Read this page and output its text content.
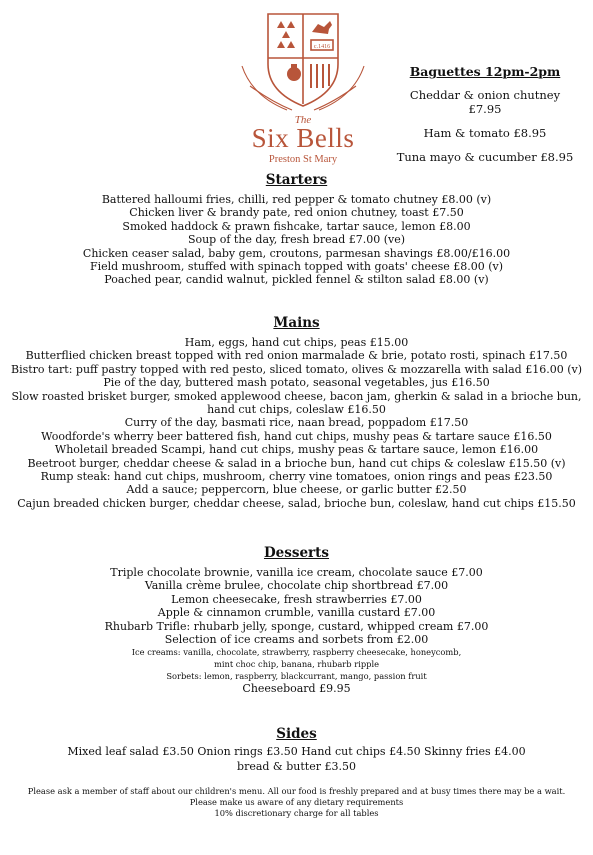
c.1416
The
Six Bells
Preston St Mary
Baguettes 12pm-2pm
Cheddar & onion chutney £7.95
Ham & tomato £8.95
Tuna mayo & cucumber £8.95
Starters
Battered halloumi fries, chilli, red pepper & tomato chutney £8.00 (v)
Chicken liver & brandy pate, red onion chutney, toast £7.50
Smoked haddock & prawn fishcake, tartar sauce, lemon £8.00
Soup of the day, fresh bread £7.00 (ve)
Chicken ceaser salad, baby gem, croutons, parmesan shavings £8.00/£16.00
Field mushroom, stuffed with spinach topped with goats' cheese £8.00 (v)
Poached pear, candid walnut, pickled fennel & stilton salad £8.00 (v)
Mains
Ham, eggs, hand cut chips, peas £15.00
Butterflied chicken breast topped with red onion marmalade & brie, potato rosti, spinach £17.50
Bistro tart: puff pastry topped with red pesto, sliced tomato, olives & mozzarella with salad £16.00 (v)
Pie of the day, buttered mash potato, seasonal vegetables, jus £16.50
Slow roasted brisket burger, smoked applewood cheese, bacon jam, gherkin & salad in a brioche bun,
hand cut chips, coleslaw £16.50
Curry of the day, basmati rice, naan bread, poppadom £17.50
Woodforde's wherry beer battered fish, hand cut chips, mushy peas & tartare sauce £16.50
Wholetail breaded Scampi, hand cut chips, mushy peas & tartare sauce, lemon £16.00
Beetroot burger, cheddar cheese & salad in a brioche bun, hand cut chips & coleslaw £15.50 (v)
Rump steak: hand cut chips, mushroom, cherry vine tomatoes, onion rings and peas £23.50
Add a sauce; peppercorn, blue cheese, or garlic butter £2.50
Cajun breaded chicken burger, cheddar cheese, salad, brioche bun, coleslaw, hand cut chips £15.50
Desserts
Triple chocolate brownie, vanilla ice cream, chocolate sauce £7.00
Vanilla crème brulee, chocolate chip shortbread £7.00
Lemon cheesecake, fresh strawberries £7.00
Apple & cinnamon crumble, vanilla custard £7.00
Rhubarb Trifle: rhubarb jelly, sponge, custard, whipped cream £7.00
Selection of ice creams and sorbets from £2.00
Ice creams: vanilla, chocolate, strawberry, raspberry cheesecake, honeycomb,
mint choc chip, banana, rhubarb ripple
Sorbets: lemon, raspberry, blackcurrant, mango, passion fruit
Cheeseboard £9.95
Sides
Mixed leaf salad £3.50 Onion rings £3.50 Hand cut chips £4.50 Skinny fries £4.00
bread & butter £3.50
Please ask a member of staff about our children's menu. All our food is freshly prepared and at busy times there may be a wait.
Please make us aware of any dietary requirements
10% discretionary charge for all tables
